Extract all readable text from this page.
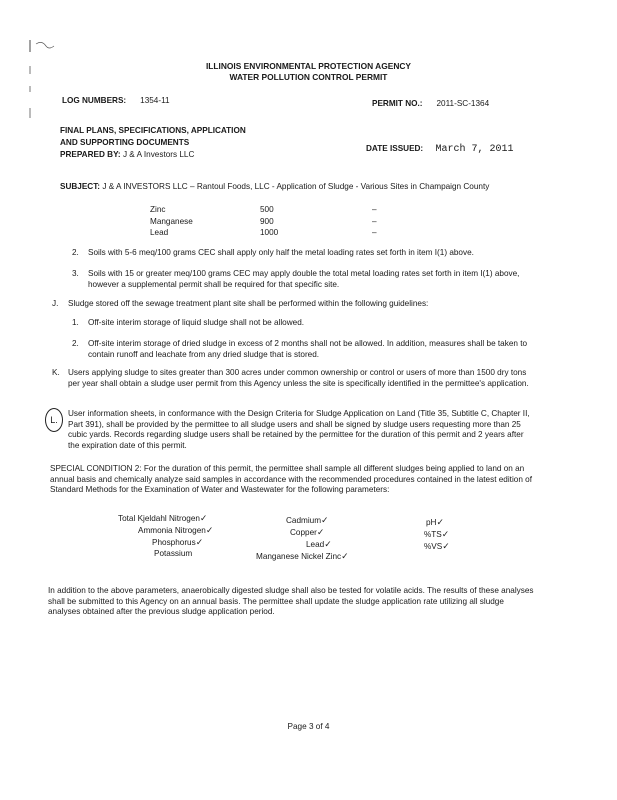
ILLINOIS ENVIRONMENTAL PROTECTION AGENCY
WATER POLLUTION CONTROL PERMIT
LOG NUMBERS: 1354-11	PERMIT NO.: 2011-SC-1364
FINAL PLANS, SPECIFICATIONS, APPLICATION
AND SUPPORTING DOCUMENTS
PREPARED BY: J & A Investors LLC
DATE ISSUED: March 7, 2011
SUBJECT: J & A INVESTORS LLC – Rantoul Foods, LLC - Application of Sludge - Various Sites in Champaign County
Zinc	500	–
Manganese	900	–
Lead	1000	–
2. Soils with 5-6 meq/100 grams CEC shall apply only half the metal loading rates set forth in item I(1) above.
3. Soils with 15 or greater meq/100 grams CEC may apply double the total metal loading rates set forth in item I(1) above, however a supplemental permit shall be required for that specific site.
J. Sludge stored off the sewage treatment plant site shall be performed within the following guidelines:
1. Off-site interim storage of liquid sludge shall not be allowed.
2. Off-site interim storage of dried sludge in excess of 2 months shall not be allowed. In addition, measures shall be taken to contain runoff and leachate from any dried sludge that is stored.
K. Users applying sludge to sites greater than 300 acres under common ownership or control or users of more than 1500 dry tons per year shall obtain a sludge user permit from this Agency unless the site is specifically identified in the permittee's application.
L.
User information sheets, in conformance with the Design Criteria for Sludge Application on Land (Title 35, Subtitle C, Chapter II, Part 391), shall be provided by the permittee to all sludge users and shall be signed by sludge users requesting more than 25 cubic yards. Records regarding sludge users shall be retained by the permittee for the duration of this permit and 2 years after the expiration date of this permit.
SPECIAL CONDITION 2: For the duration of this permit, the permittee shall sample all different sludges being applied to land on an annual basis and chemically analyze said samples in accordance with the recommended procedures contained in the latest edition of Standard Methods for the Examination of Water and Wastewater for the following parameters:
Total Kjeldahl Nitrogen✓
Ammonia Nitrogen✓
Phosphorus✓
Potassium
Cadmium✓
Copper✓
Lead✓
Manganese Nickel Zinc✓
pH✓
%TS✓
%VS✓
In addition to the above parameters, anaerobically digested sludge shall also be tested for volatile acids. The results of these analyses shall be submitted to this Agency on an annual basis. The permittee shall update the sludge application rate utilizing all sludge analyses obtained after the previous sludge application period.
Page 3 of 4
